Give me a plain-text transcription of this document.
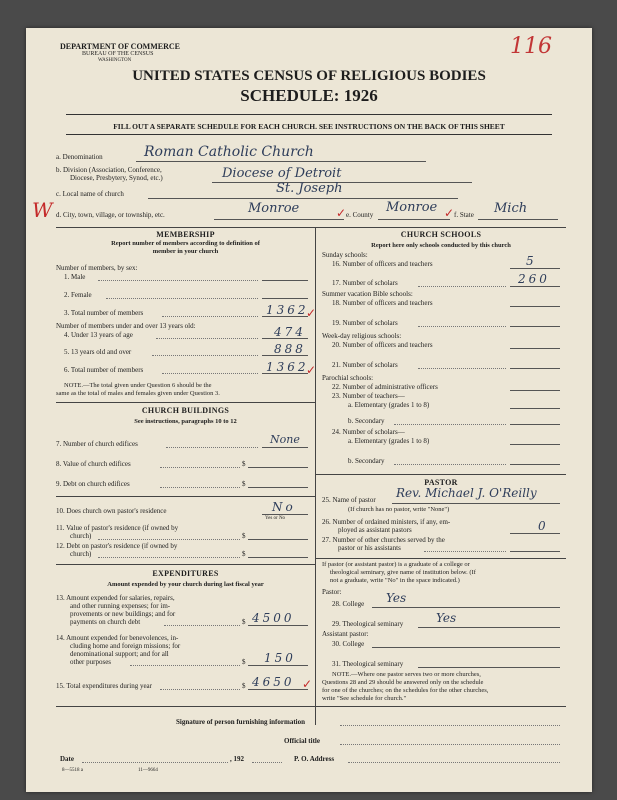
DEPARTMENT OF COMMERCE
BUREAU OF THE CENSUS
WASHINGTON
116
UNITED STATES CENSUS OF RELIGIOUS BODIES
SCHEDULE: 1926
FILL OUT A SEPARATE SCHEDULE FOR EACH CHURCH. SEE INSTRUCTIONS ON THE BACK OF THIS SHEET
a. Denomination	Roman Catholic Church
b. Division (Association, Conference,
Diocese, Presbytery, Synod, etc.)	Diocese of Detroit
c. Local name of church	St. Joseph
W d. City, town, village, or township, etc.	Monroe	✓ e. County Monroe ✓ f. State Mich
MEMBERSHIP
Report number of members according to definition of
member in your church
Number of members, by sex:
1. Male
2. Female
3. Total number of members	1362
✓
Number of members under and over 13 years old:
4. Under 13 years of age	474
5. 13 years old and over	888
6. Total number of members	1362
✓
NOTE.—The total given under Question 6 should be the
same as the total of males and females given under Question 3.
CHURCH BUILDINGS
See instructions, paragraphs 10 to 12
7. Number of church edifices	None
8. Value of church edifices	$
9. Debt on church edifices	$
10. Does church own pastor's residence	No
Yes or No
11. Value of pastor's residence (if owned by
church)	$
12. Debt on pastor's residence (if owned by
church)	$
EXPENDITURES
Amount expended by your church during last fiscal year
13. Amount expended for salaries, repairs,
and other running expenses; for im-
provements or new buildings; and for
payments on church debt	$ 4500
14. Amount expended for benevolences, in-
cluding home and foreign missions; for
denominational support; and for all
other purposes	$ 150
15. Total expenditures during year	$ 4650 ✓
CHURCH SCHOOLS
Report here only schools conducted by this church
Sunday schools:
16. Number of officers and teachers	5
17. Number of scholars	260
Summer vacation Bible schools:
18. Number of officers and teachers
19. Number of scholars
Week-day religious schools:
20. Number of officers and teachers
21. Number of scholars
Parochial schools:
22. Number of administrative officers
23. Number of teachers—
a. Elementary (grades 1 to 8)
b. Secondary
24. Number of scholars—
a. Elementary (grades 1 to 8)
b. Secondary
PASTOR
25. Name of pastor Rev. Michael J. O'Reilly
(If church has no pastor, write "None")
26. Number of ordained ministers, if any, em-
ployed as assistant pastors	0
27. Number of other churches served by the
pastor or his assistants
If pastor (or assistant pastor) is a graduate of a college or
theological seminary, give name of institution below. (If
not a graduate, write "No" in the space indicated.)
Pastor:
28. College Yes
29. Theological seminary	Yes
Assistant pastor:
30. College
31. Theological seminary
NOTE.—Where one pastor serves two or more churches,
Questions 28 and 29 should be answered only on the schedule
for one of the churches; on the schedules for the other churches,
write "See schedule for church."
Signature of person furnishing information
Official title
Date	, 192	P. O. Address
8—5518 a	11—9664
